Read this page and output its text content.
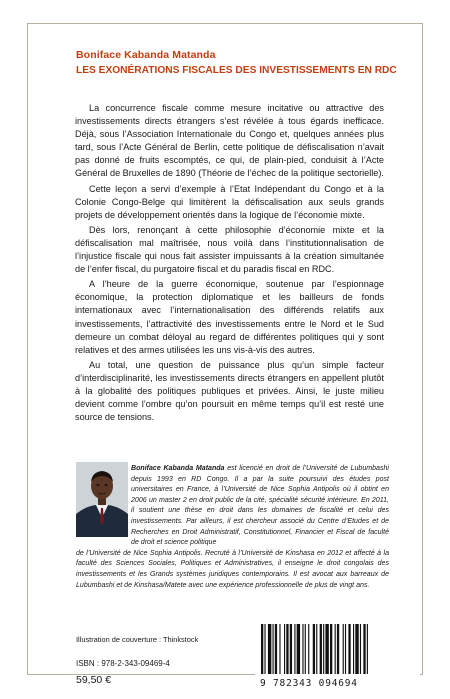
Boniface Kabanda Matanda
LES EXONÉRATIONS FISCALES DES INVESTISSEMENTS EN RDC

La concurrence fiscale comme mesure incitative ou attractive des investissements directs étrangers s’est révélée à tous égards inefficace. Déjà, sous l’Association Internationale du Congo et, quelques années plus tard, sous l’Acte Général de Berlin, cette politique de défiscalisation n’avait pas donné de fruits escomptés, ce qui, de plain-pied, conduisit à l’Acte Général de Bruxelles de 1890 (Théorie de l’échec de la politique sectorielle).

Cette leçon a servi d’exemple à l’Etat Indépendant du Congo et à la Colonie Congo-Belge qui limitèrent la défiscalisation aux seuls grands projets de développement orientés dans la logique de l’économie mixte.

Dès lors, renonçant à cette philosophie d’économie mixte et la défiscalisation mal maîtrisée, nous voilà dans l’institutionnalisation de l’injustice fiscale qui nous fait assister impuissants à la création simultanée de l’enfer fiscal, du purgatoire fiscal et du paradis fiscal en RDC.

A l’heure de la guerre économique, soutenue par l’espionnage économique, la protection diplomatique et les bailleurs de fonds internationaux avec l’internationalisation des différends relatifs aux investissements, l’attractivité des investissements entre le Nord et le Sud demeure un combat déloyal au regard de différentes politiques qui y sont relatives et des armes utilisées les uns vis-à-vis des autres.

Au total, une question de puissance plus qu’un simple facteur d’interdisciplinarité, les investissements directs étrangers en appellent plutôt à la globalité des politiques publiques et privées. Ainsi, le juste milieu devient comme l’ombre qu’on poursuit en même temps qu’il est resté une source de tensions.

Boniface Kabanda Matanda est licencié en droit de l’Université de Lubumbashi depuis 1993 en RD Congo. Il a par la suite poursuivi des études post universitaires en France, à l’Université de Nice Sophia Antipolis où il obtint en 2006 un master 2 en droit public de la cité, spécialité sécurité intérieure. En 2011, il soutient une thèse en droit dans les domaines de fiscalité et celui des investissements. Par ailleurs, il est chercheur associé du Centre d’Etudes et de Recherches en Droit Administratif, Constitutionnel, Financier et Fiscal de faculté de droit et science politique
de l’Université de Nice Sophia Antipolis. Recruté à l’Université de Kinshasa en 2012 et affecté à la faculté des Sciences Sociales, Politiques et Administratives, il enseigne le droit congolais des investissements et les Grands systèmes juridiques contemporains. Il est avocat aux barreaux de Lubumbashi et de Kinshasa/Matete avec une expérience professionnelle de plus de vingt ans.
Illustration de couverture : Thinkstock
ISBN : 978-2-343-09469-4
59,50 €	9 782343 094694
